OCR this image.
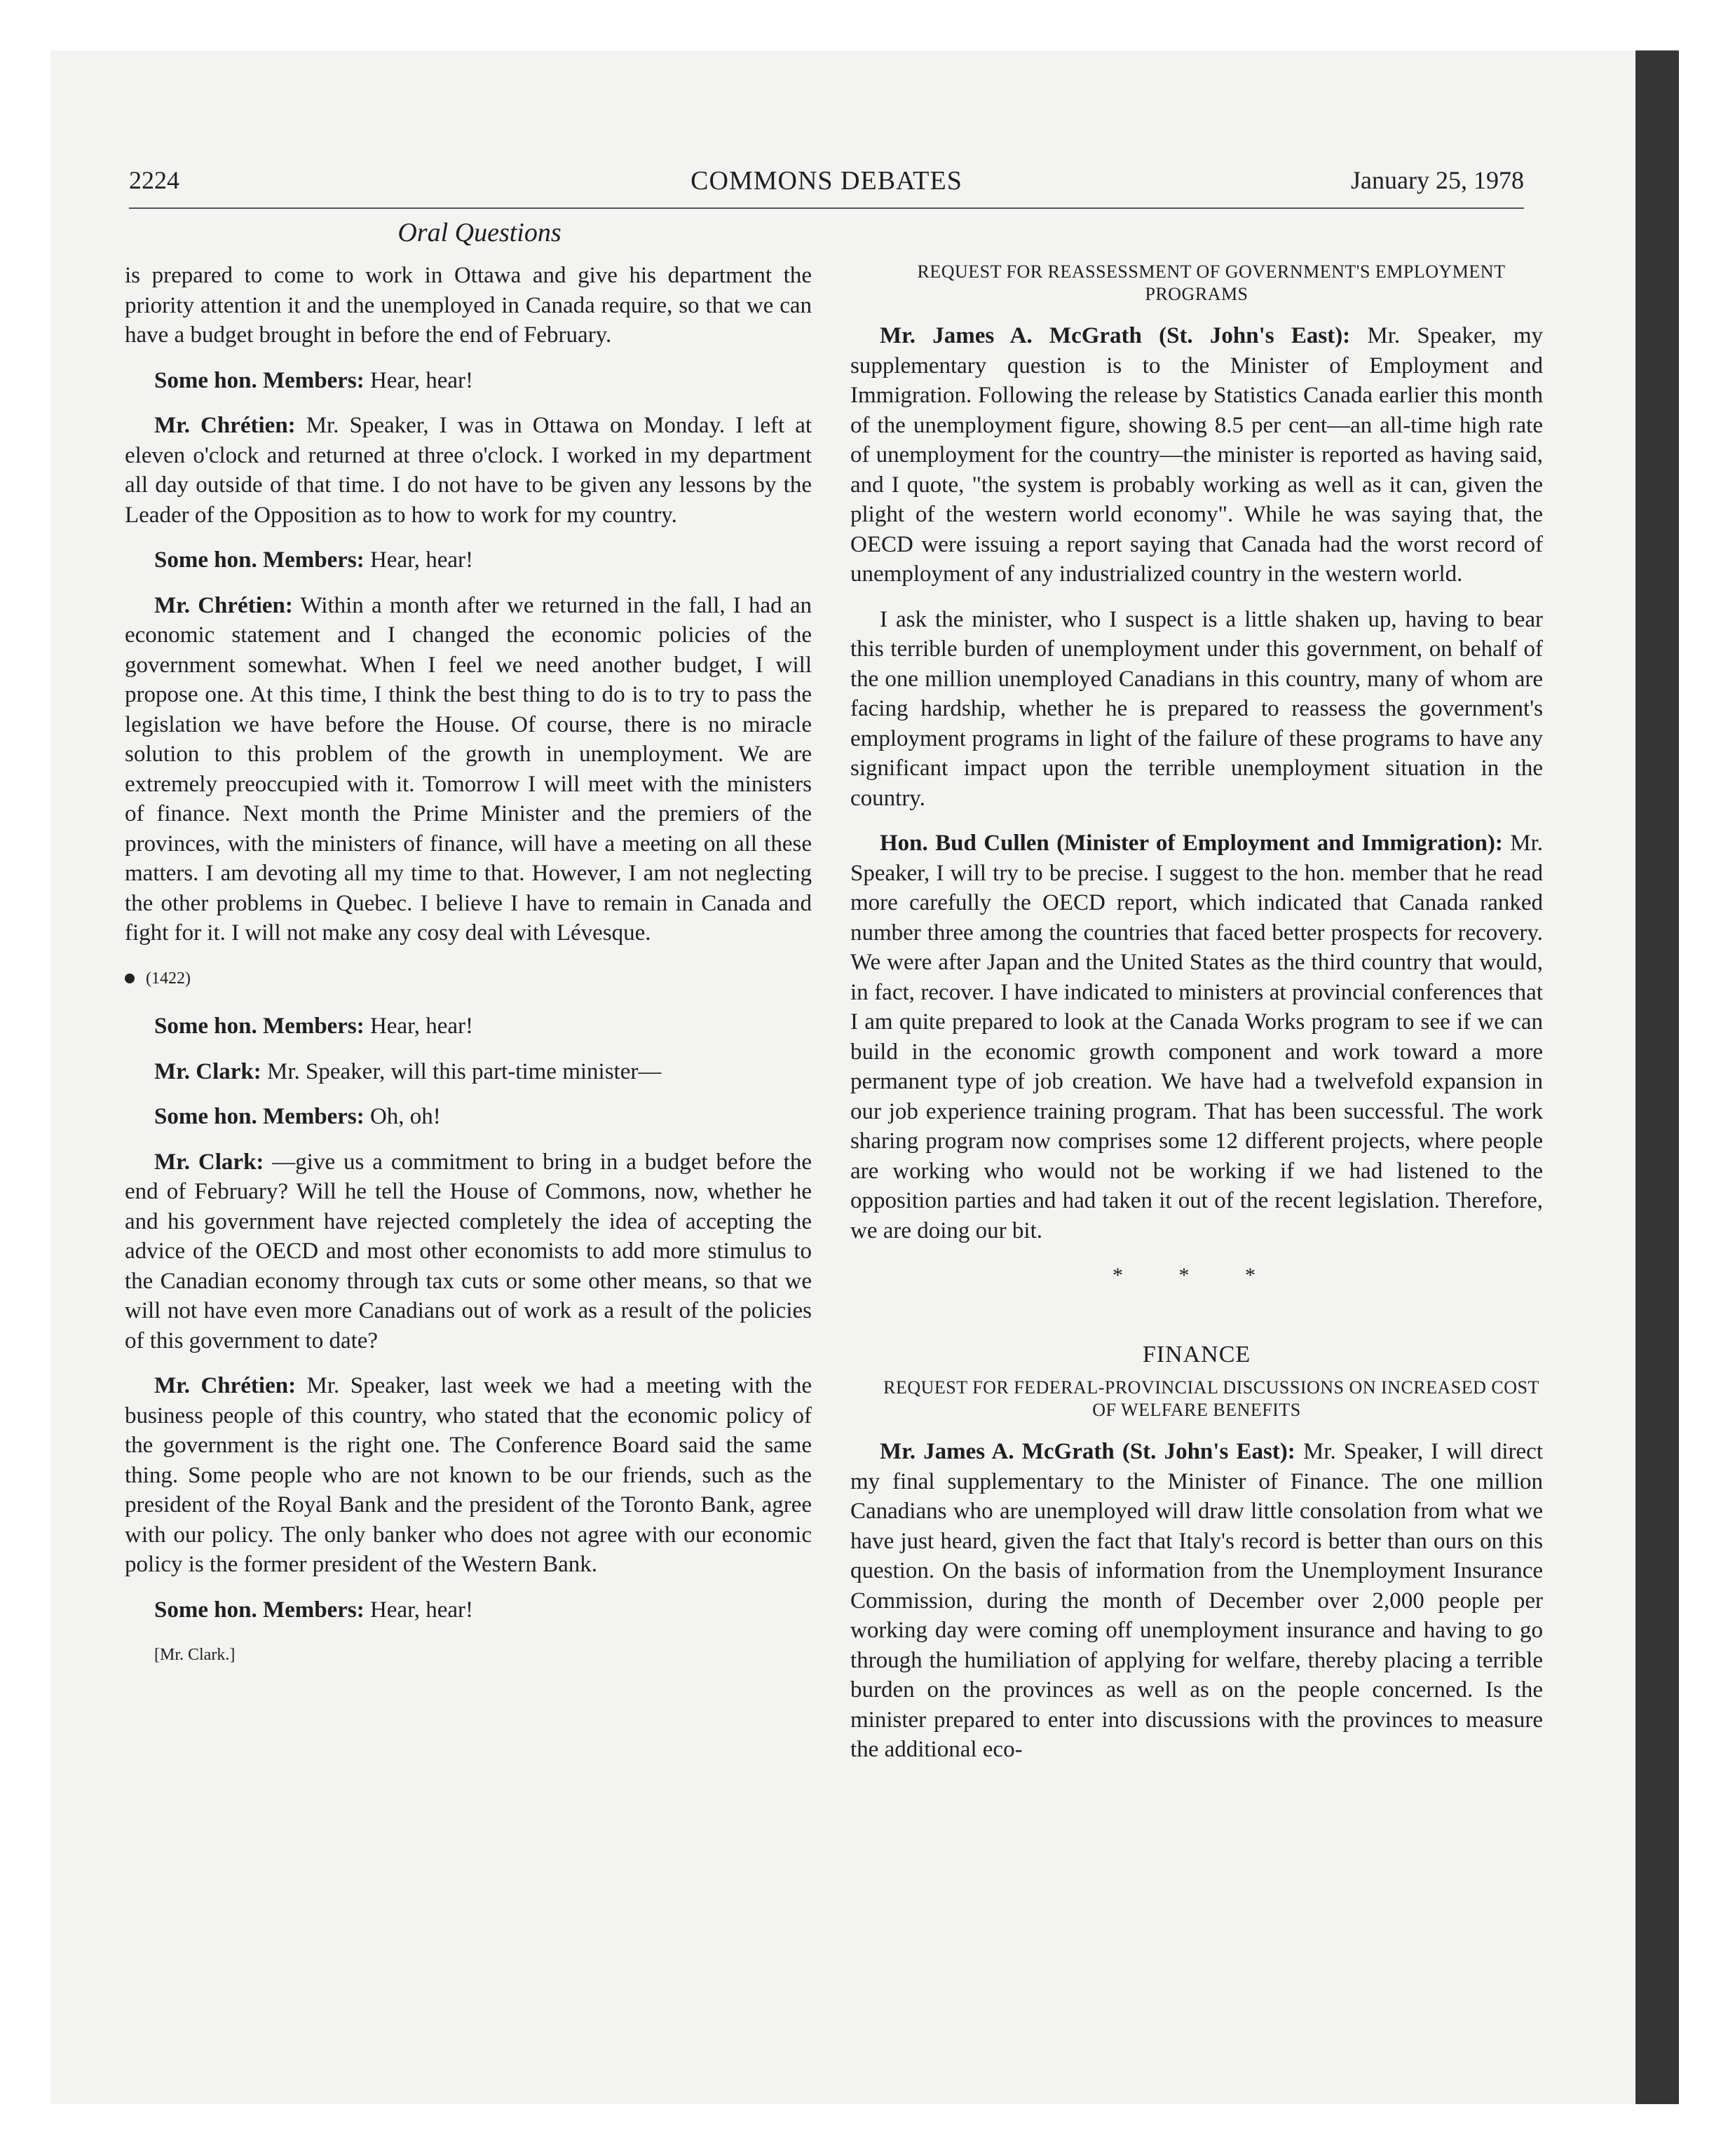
2224	COMMONS DEBATES	January 25, 1978
Oral Questions

is prepared to come to work in Ottawa and give his department the priority attention it and the unemployed in Canada require, so that we can have a budget brought in before the end of February.

Some hon. Members: Hear, hear!

Mr. Chrétien: Mr. Speaker, I was in Ottawa on Monday. I left at eleven o'clock and returned at three o'clock. I worked in my department all day outside of that time. I do not have to be given any lessons by the Leader of the Opposition as to how to work for my country.

Some hon. Members: Hear, hear!

Mr. Chrétien: Within a month after we returned in the fall, I had an economic statement and I changed the economic policies of the government somewhat. When I feel we need another budget, I will propose one. At this time, I think the best thing to do is to try to pass the legislation we have before the House. Of course, there is no miracle solution to this problem of the growth in unemployment. We are extremely preoccupied with it. Tomorrow I will meet with the ministers of finance. Next month the Prime Minister and the premiers of the provinces, with the ministers of finance, will have a meeting on all these matters. I am devoting all my time to that. However, I am not neglecting the other problems in Quebec. I believe I have to remain in Canada and fight for it. I will not make any cosy deal with Lévesque.

(1422)

Some hon. Members: Hear, hear!

Mr. Clark: Mr. Speaker, will this part-time minister—

Some hon. Members: Oh, oh!

Mr. Clark: —give us a commitment to bring in a budget before the end of February? Will he tell the House of Commons, now, whether he and his government have rejected completely the idea of accepting the advice of the OECD and most other economists to add more stimulus to the Canadian economy through tax cuts or some other means, so that we will not have even more Canadians out of work as a result of the policies of this government to date?

Mr. Chrétien: Mr. Speaker, last week we had a meeting with the business people of this country, who stated that the economic policy of the government is the right one. The Conference Board said the same thing. Some people who are not known to be our friends, such as the president of the Royal Bank and the president of the Toronto Bank, agree with our policy. The only banker who does not agree with our economic policy is the former president of the Western Bank.

Some hon. Members: Hear, hear!

[Mr. Clark.]

REQUEST FOR REASSESSMENT OF GOVERNMENT'S EMPLOYMENT PROGRAMS

Mr. James A. McGrath (St. John's East): Mr. Speaker, my supplementary question is to the Minister of Employment and Immigration. Following the release by Statistics Canada earlier this month of the unemployment figure, showing 8.5 per cent—an all-time high rate of unemployment for the country—the minister is reported as having said, and I quote, "the system is probably working as well as it can, given the plight of the western world economy". While he was saying that, the OECD were issuing a report saying that Canada had the worst record of unemployment of any industrialized country in the western world.

I ask the minister, who I suspect is a little shaken up, having to bear this terrible burden of unemployment under this government, on behalf of the one million unemployed Canadians in this country, many of whom are facing hardship, whether he is prepared to reassess the government's employment programs in light of the failure of these programs to have any significant impact upon the terrible unemployment situation in the country.

Hon. Bud Cullen (Minister of Employment and Immigration): Mr. Speaker, I will try to be precise. I suggest to the hon. member that he read more carefully the OECD report, which indicated that Canada ranked number three among the countries that faced better prospects for recovery. We were after Japan and the United States as the third country that would, in fact, recover. I have indicated to ministers at provincial conferences that I am quite prepared to look at the Canada Works program to see if we can build in the economic growth component and work toward a more permanent type of job creation. We have had a twelvefold expansion in our job experience training program. That has been successful. The work sharing program now comprises some 12 different projects, where people are working who would not be working if we had listened to the opposition parties and had taken it out of the recent legislation. Therefore, we are doing our bit.

* * *
FINANCE

REQUEST FOR FEDERAL-PROVINCIAL DISCUSSIONS ON INCREASED COST OF WELFARE BENEFITS

Mr. James A. McGrath (St. John's East): Mr. Speaker, I will direct my final supplementary to the Minister of Finance. The one million Canadians who are unemployed will draw little consolation from what we have just heard, given the fact that Italy's record is better than ours on this question. On the basis of information from the Unemployment Insurance Commission, during the month of December over 2,000 people per working day were coming off unemployment insurance and having to go through the humiliation of applying for welfare, thereby placing a terrible burden on the provinces as well as on the people concerned. Is the minister prepared to enter into discussions with the provinces to measure the additional eco-
